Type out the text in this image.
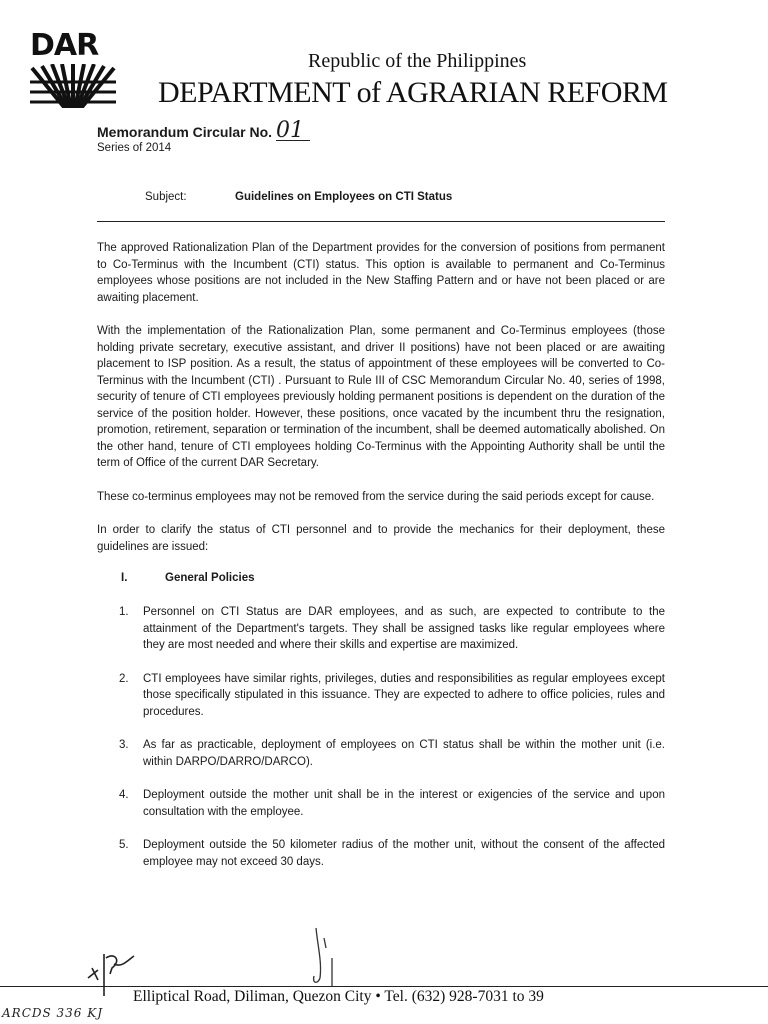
DAR	Republic of the Philippines
DEPARTMENT of AGRARIAN REFORM
Memorandum Circular No. 01
Series of 2014
Subject:	Guidelines on Employees on CTI Status

The approved Rationalization Plan of the Department provides for the conversion of positions from permanent to Co-Terminus with the Incumbent (CTI) status. This option is available to permanent and Co-Terminus employees whose positions are not included in the New Staffing Pattern and or have not been placed or are awaiting placement.

With the implementation of the Rationalization Plan, some permanent and Co-Terminus employees (those holding private secretary, executive assistant, and driver II positions) have not been placed or are awaiting placement to ISP position. As a result, the status of appointment of these employees will be converted to Co-Terminus with the Incumbent (CTI) . Pursuant to Rule III of CSC Memorandum Circular No. 40, series of 1998, security of tenure of CTI employees previously holding permanent positions is dependent on the duration of the service of the position holder. However, these positions, once vacated by the incumbent thru the resignation, promotion, retirement, separation or termination of the incumbent, shall be deemed automatically abolished. On the other hand, tenure of CTI employees holding Co-Terminus with the Appointing Authority shall be until the term of Office of the current DAR Secretary.

These co-terminus employees may not be removed from the service during the said periods except for cause.

In order to clarify the status of CTI personnel and to provide the mechanics for their deployment, these guidelines are issued:

I.	General Policies
1. Personnel on CTI Status are DAR employees, and as such, are expected to contribute to the attainment of the Department's targets. They shall be assigned tasks like regular employees where they are most needed and where their skills and expertise are maximized.
2. CTI employees have similar rights, privileges, duties and responsibilities as regular employees except those specifically stipulated in this issuance. They are expected to adhere to office policies, rules and procedures.
3. As far as practicable, deployment of employees on CTI status shall be within the mother unit (i.e. within DARPO/DARRO/DARCO).
4. Deployment outside the mother unit shall be in the interest or exigencies of the service and upon consultation with the employee.
5. Deployment outside the 50 kilometer radius of the mother unit, without the consent of the affected employee may not exceed 30 days.
Elliptical Road, Diliman, Quezon City • Tel. (632) 928-7031 to 39
ARCDS 336 KJ
